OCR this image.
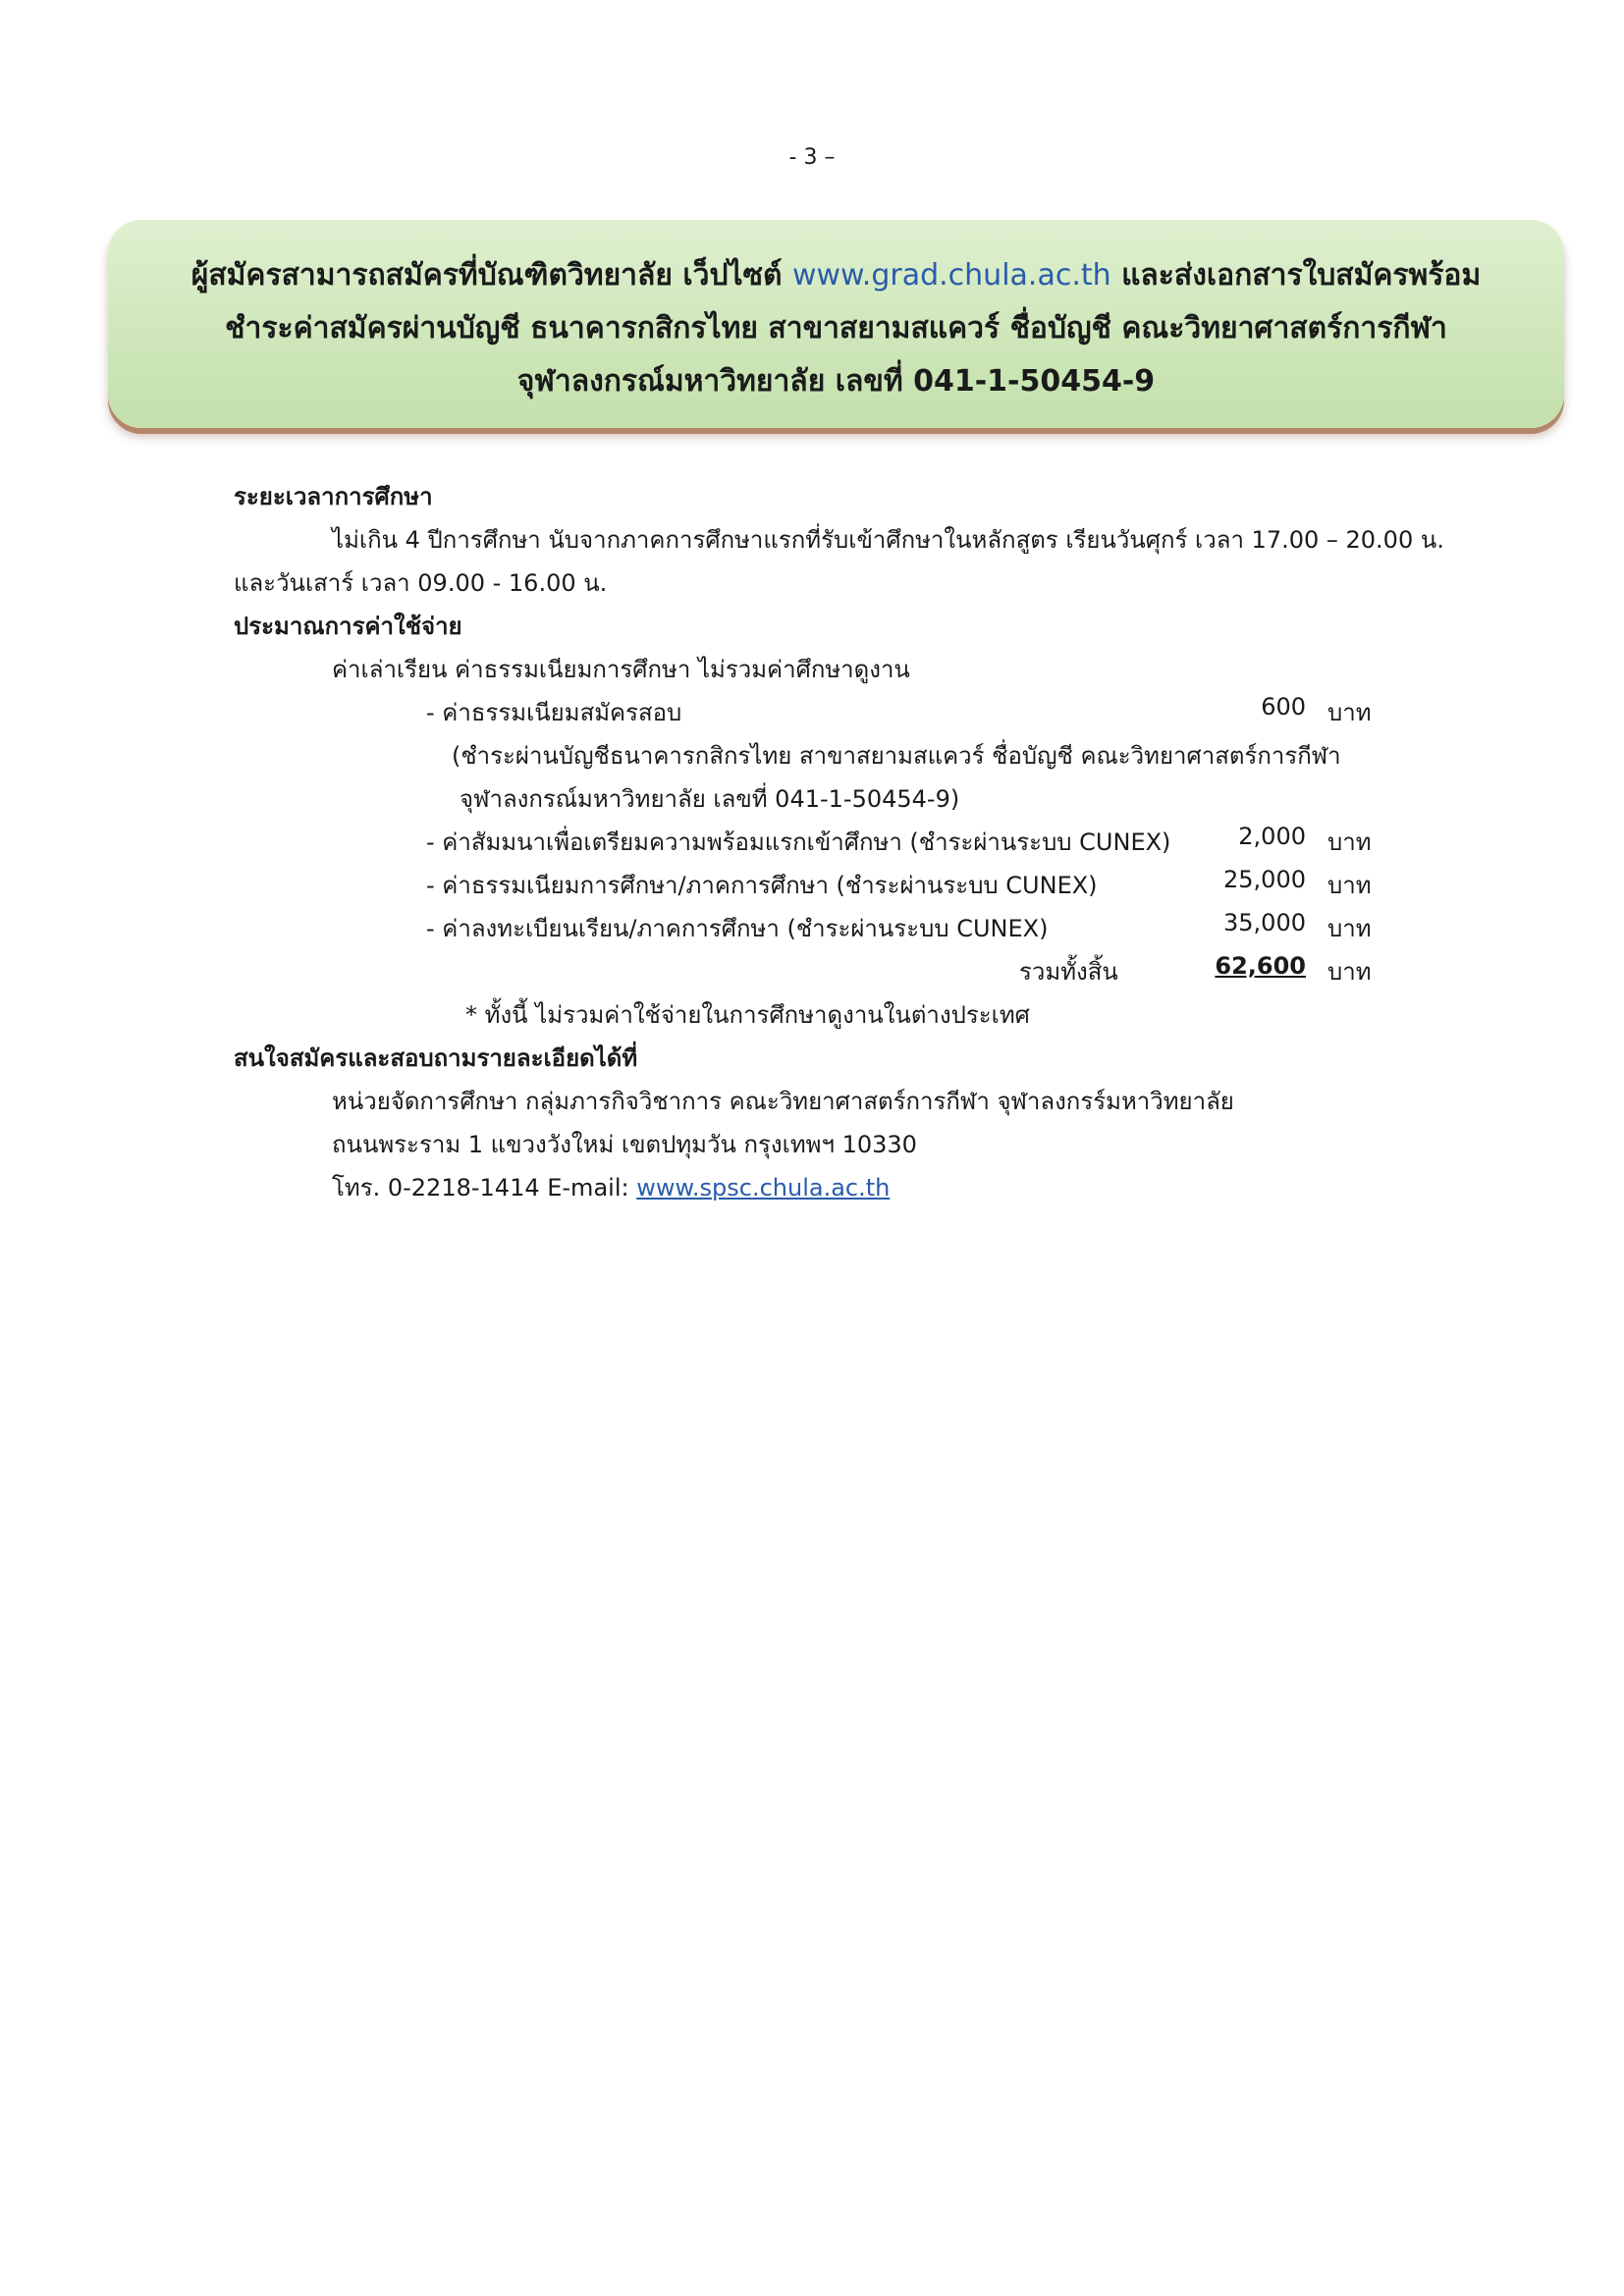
- 3 –
ผู้สมัครสามารถสมัครที่บัณฑิตวิทยาลัย เว็ปไซต์ www.grad.chula.ac.th และส่งเอกสารใบสมัครพร้อม
ชำระค่าสมัครผ่านบัญชี ธนาคารกสิกรไทย สาขาสยามสแควร์ ชื่อบัญชี คณะวิทยาศาสตร์การกีฬา
จุฬาลงกรณ์มหาวิทยาลัย เลขที่ 041-1-50454-9
ระยะเวลาการศึกษา
ไม่เกิน 4 ปีการศึกษา นับจากภาคการศึกษาแรกที่รับเข้าศึกษาในหลักสูตร เรียนวันศุกร์ เวลา 17.00 – 20.00 น.
และวันเสาร์ เวลา 09.00 - 16.00 น.
ประมาณการค่าใช้จ่าย
ค่าเล่าเรียน ค่าธรรมเนียมการศึกษา ไม่รวมค่าศึกษาดูงาน
- ค่าธรรมเนียมสมัครสอบ	600 บาท
(ชำระผ่านบัญชีธนาคารกสิกรไทย สาขาสยามสแควร์ ชื่อบัญชี คณะวิทยาศาสตร์การกีฬา
จุฬาลงกรณ์มหาวิทยาลัย เลขที่ 041-1-50454-9)
- ค่าสัมมนาเพื่อเตรียมความพร้อมแรกเข้าศึกษา (ชำระผ่านระบบ CUNEX)	2,000 บาท
- ค่าธรรมเนียมการศึกษา/ภาคการศึกษา (ชำระผ่านระบบ CUNEX)	25,000 บาท
- ค่าลงทะเบียนเรียน/ภาคการศึกษา (ชำระผ่านระบบ CUNEX)	35,000 บาท
รวมทั้งสิ้น	62,600 บาท
* ทั้งนี้ ไม่รวมค่าใช้จ่ายในการศึกษาดูงานในต่างประเทศ
สนใจสมัครและสอบถามรายละเอียดได้ที่
หน่วยจัดการศึกษา กลุ่มภารกิจวิชาการ คณะวิทยาศาสตร์การกีฬา จุฬาลงกรร์มหาวิทยาลัย
ถนนพระราม 1 แขวงวังใหม่ เขตปทุมวัน กรุงเทพฯ 10330
โทร. 0-2218-1414 E-mail: www.spsc.chula.ac.th
